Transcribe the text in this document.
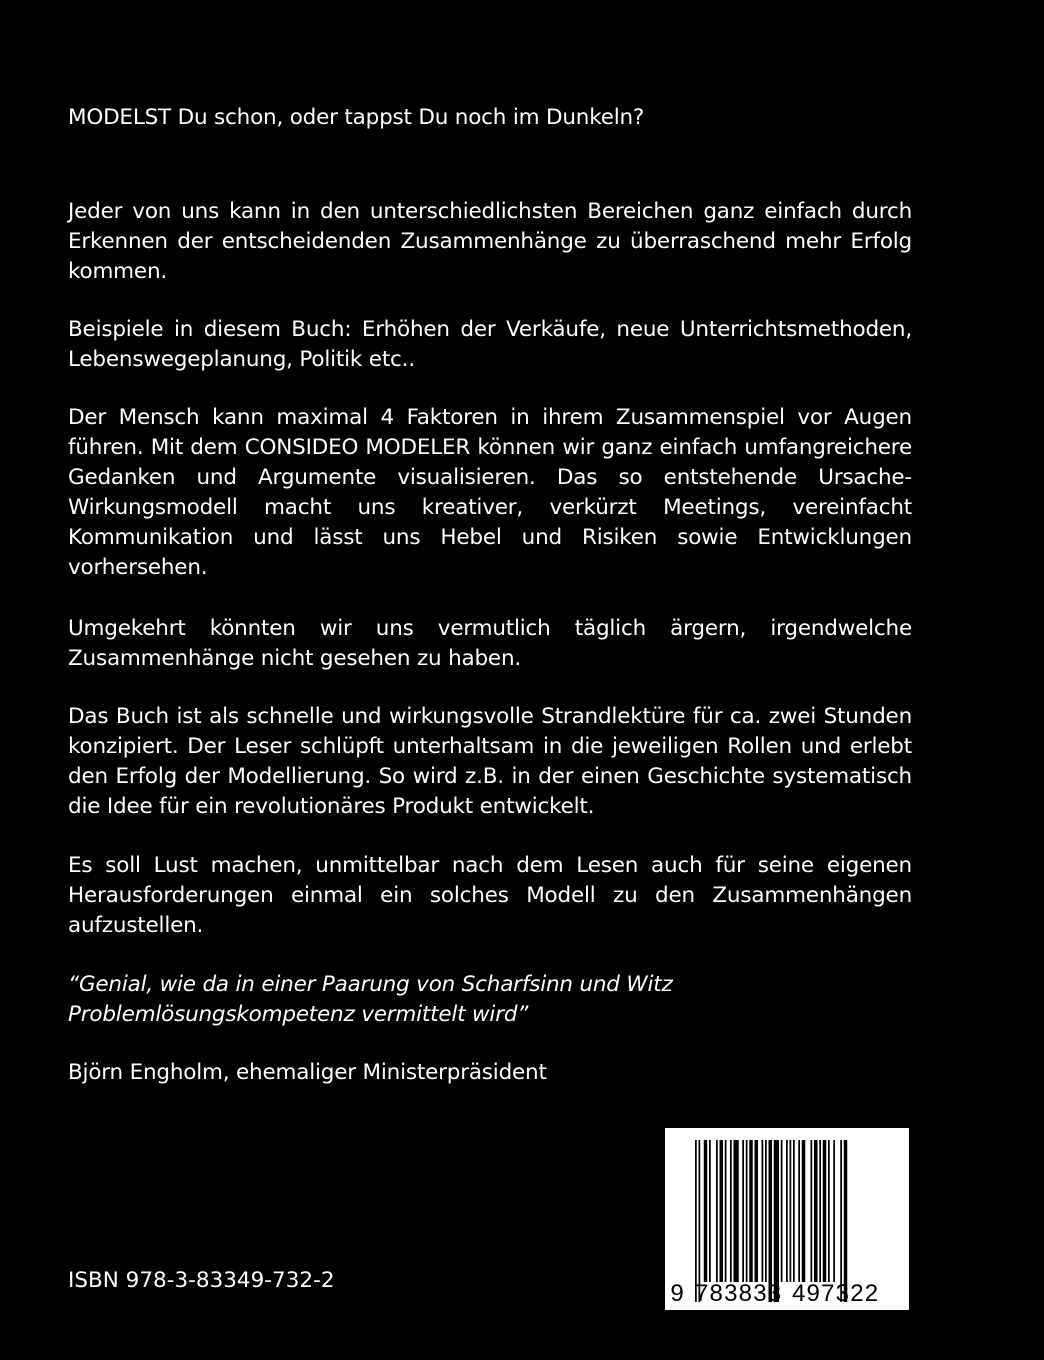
MODELST Du schon, oder tappst Du noch im Dunkeln?
Jeder von uns kann in den unterschiedlichsten Bereichen ganz einfach durch Erkennen der entscheidenden Zusammenhänge zu überraschend mehr Erfolg kommen.
Beispiele in diesem Buch: Erhöhen der Verkäufe, neue Unterrichtsmethoden, Lebenswegeplanung, Politik etc..
Der Mensch kann maximal 4 Faktoren in ihrem Zusammenspiel vor Augen führen. Mit dem CONSIDEO MODELER können wir ganz einfach umfangreichere Gedanken und Argumente visualisieren. Das so entstehende Ursache-Wirkungsmodell macht uns kreativer, verkürzt Meetings, vereinfacht Kommunikation und lässt uns Hebel und Risiken sowie Entwicklungen vorhersehen.
Umgekehrt könnten wir uns vermutlich täglich ärgern, irgendwelche Zusammenhänge nicht gesehen zu haben.
Das Buch ist als schnelle und wirkungsvolle Strandlektüre für ca. zwei Stunden konzipiert. Der Leser schlüpft unterhaltsam in die jeweiligen Rollen und erlebt den Erfolg der Modellierung. So wird z.B. in der einen Geschichte systematisch die Idee für ein revolutionäres Produkt entwickelt.
Es soll Lust machen, unmittelbar nach dem Lesen auch für seine eigenen Herausforderungen einmal ein solches Modell zu den Zusammenhängen aufzustellen.
“Genial, wie da in einer Paarung von Scharfsinn und Witz Problemlösungskompetenz vermittelt wird”
Björn Engholm, ehemaliger Ministerpräsident
ISBN 978-3-83349-732-2	9 783833 497322
